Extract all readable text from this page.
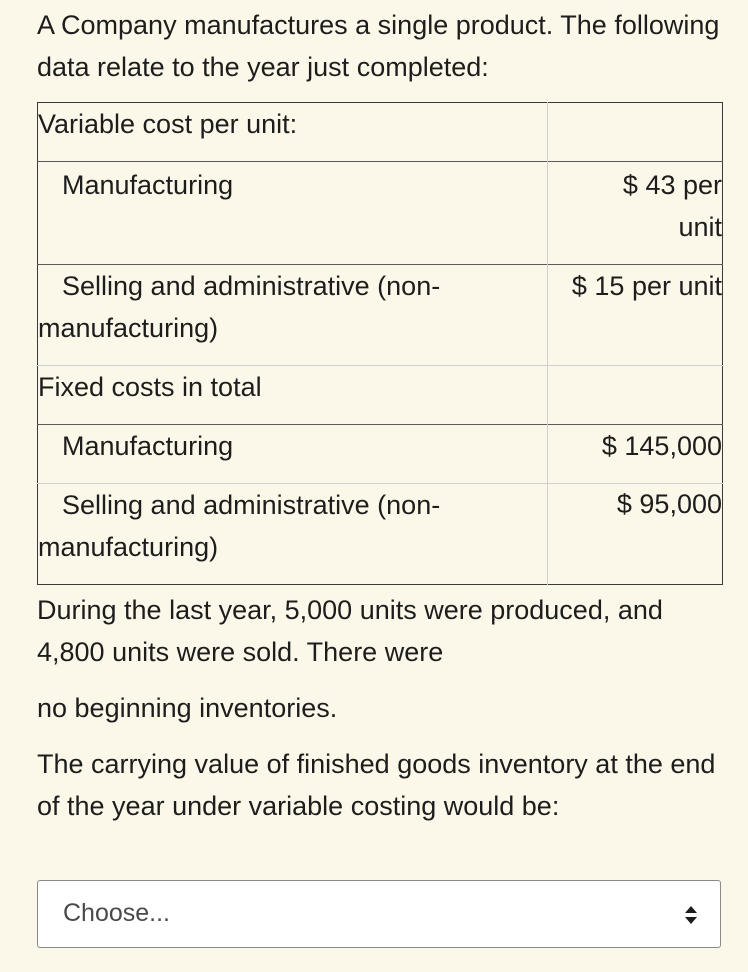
A Company manufactures a single product. The following data relate to the year just completed:

Variable cost per unit:	

Manufacturing	$ 43 per unit

Selling and administrative (non-
manufacturing)	$ 15 per unit

Fixed costs in total	

Manufacturing	$ 145,000

Selling and administrative (non-
manufacturing)	$ 95,000

During the last year, 5,000 units were produced, and 4,800 units were sold. There were

no beginning inventories.

The carrying value of finished goods inventory at the end of the year under variable costing would be:

Choose...
